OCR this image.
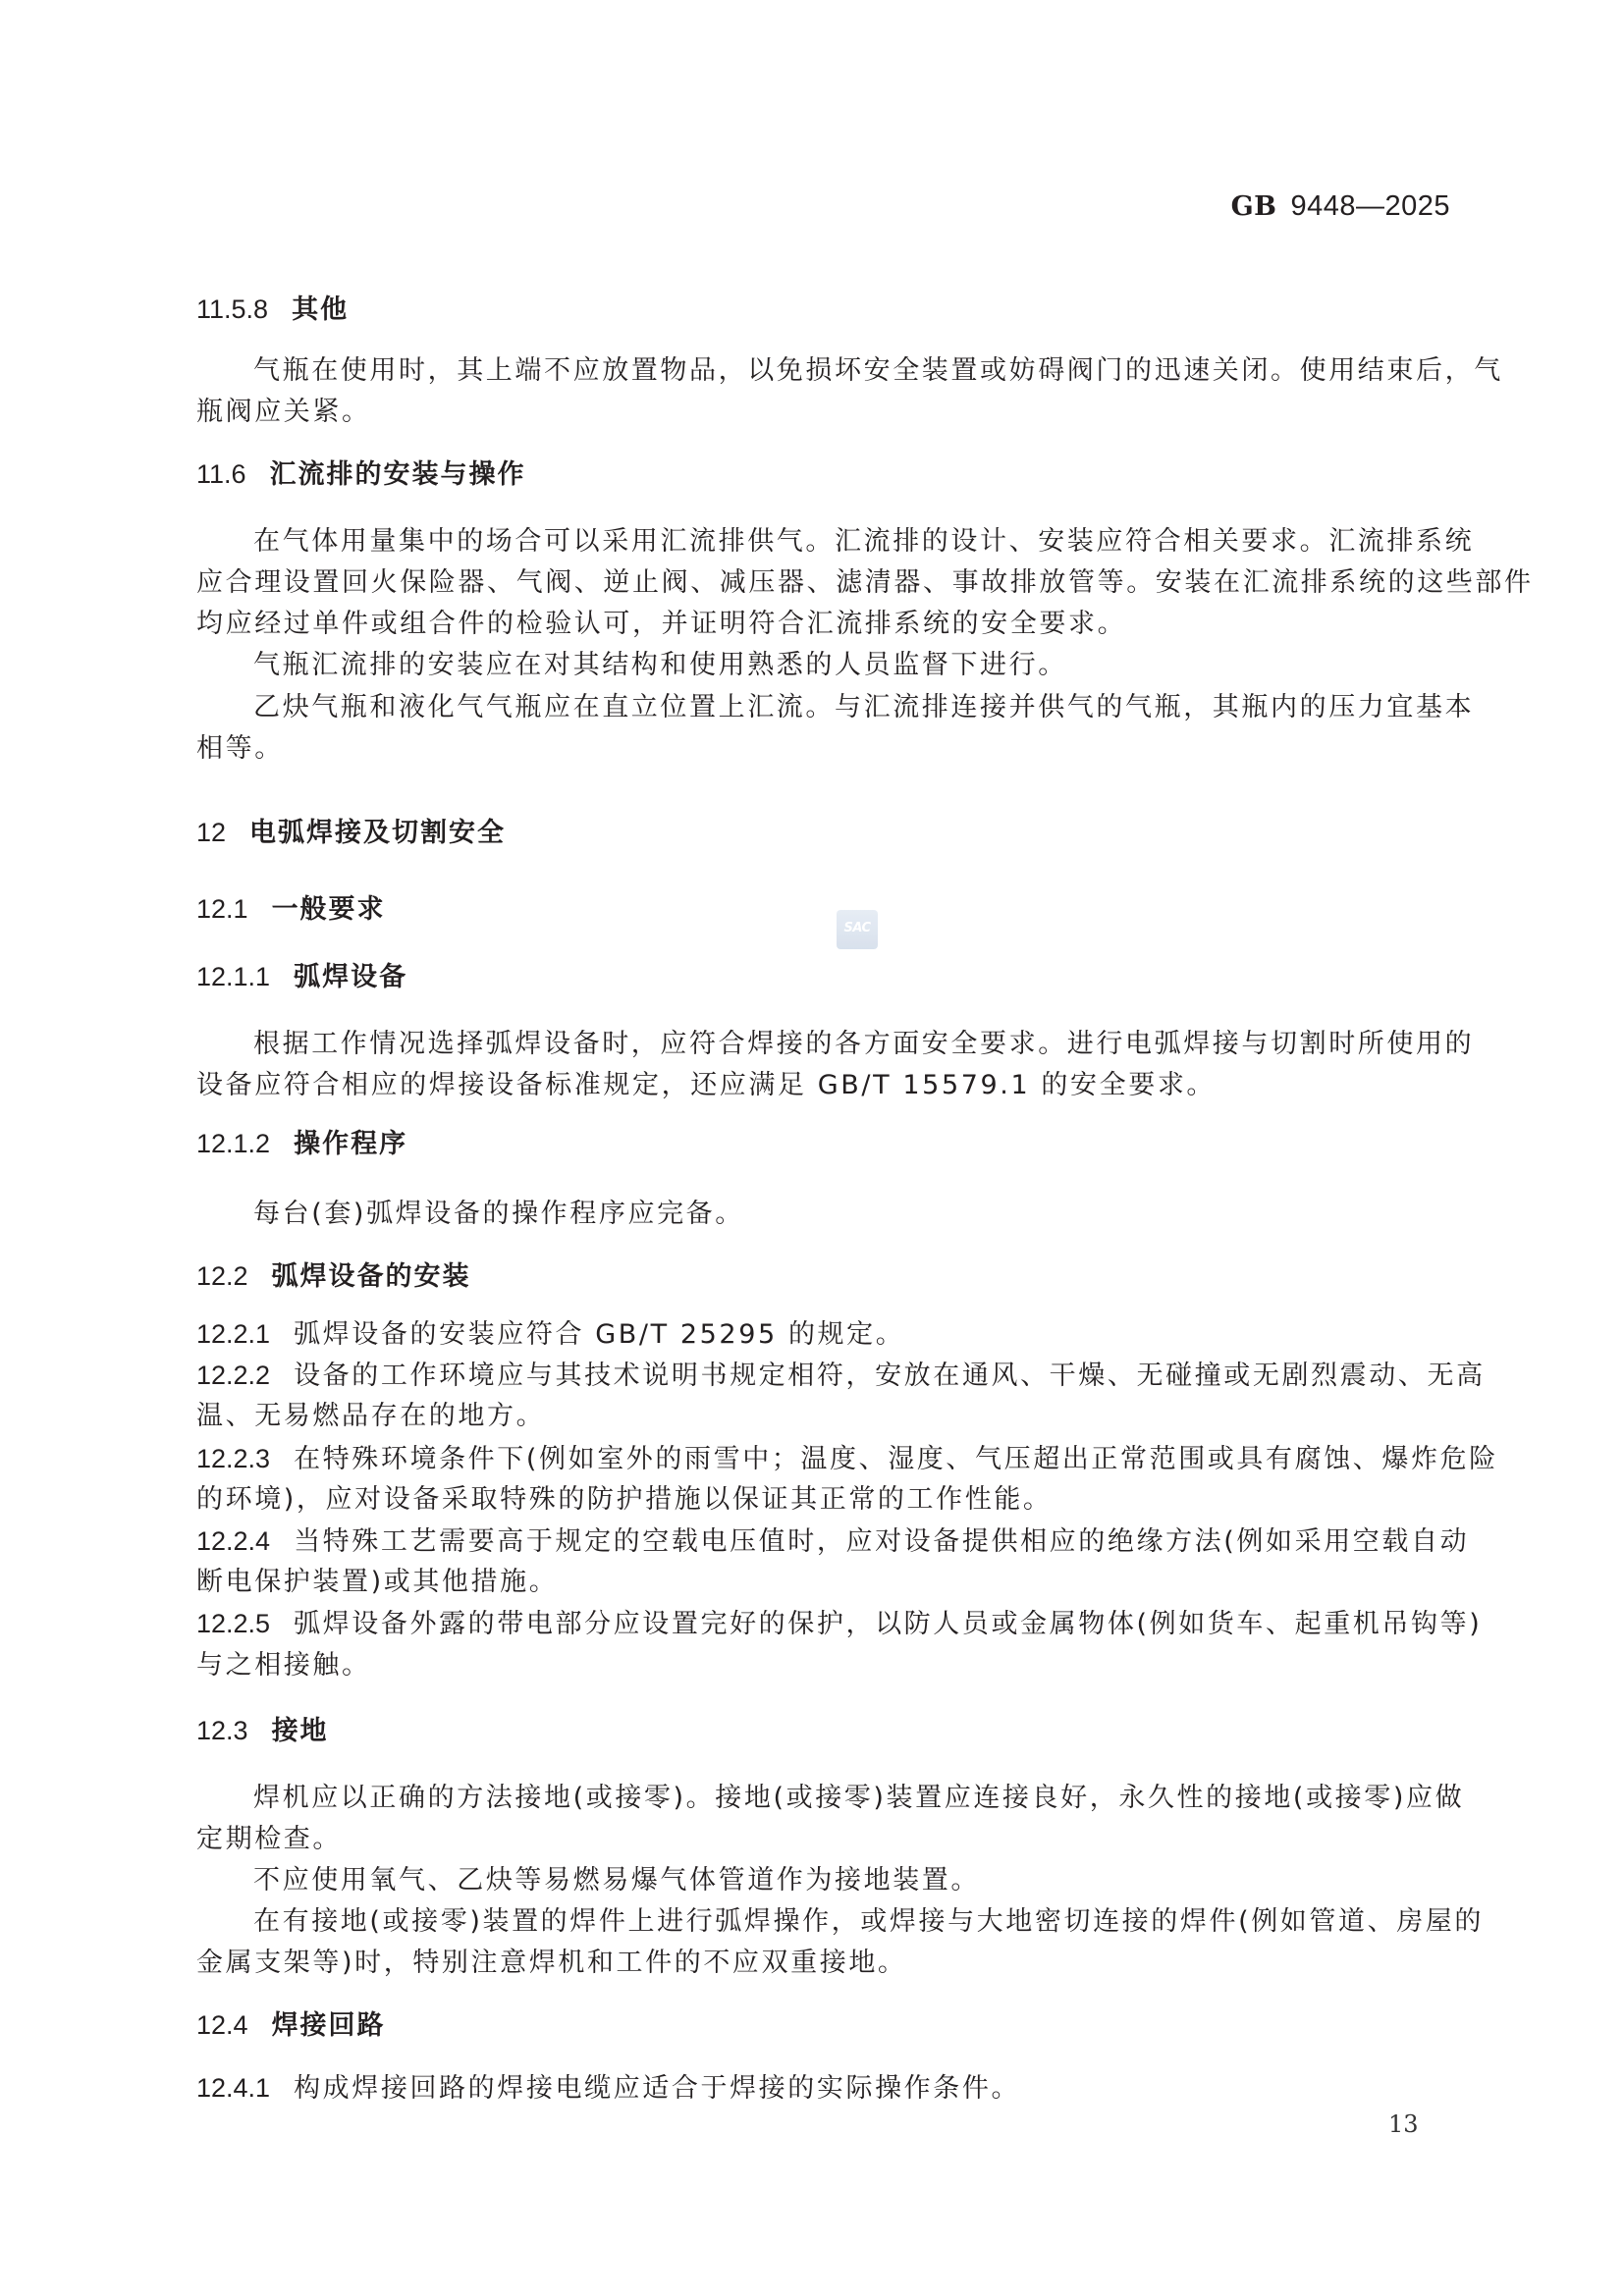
GB 9448—2025
11.5.8 其他
气瓶在使用时，其上端不应放置物品，以免损坏安全装置或妨碍阀门的迅速关闭。使用结束后，气
瓶阀应关紧。
11.6 汇流排的安装与操作
在气体用量集中的场合可以采用汇流排供气。汇流排的设计、安装应符合相关要求。汇流排系统
应合理设置回火保险器、气阀、逆止阀、减压器、滤清器、事故排放管等。安装在汇流排系统的这些部件
均应经过单件或组合件的检验认可，并证明符合汇流排系统的安全要求。
气瓶汇流排的安装应在对其结构和使用熟悉的人员监督下进行。
乙炔气瓶和液化气气瓶应在直立位置上汇流。与汇流排连接并供气的气瓶，其瓶内的压力宜基本
相等。
12 电弧焊接及切割安全
12.1 一般要求
SAC
12.1.1 弧焊设备
根据工作情况选择弧焊设备时，应符合焊接的各方面安全要求。进行电弧焊接与切割时所使用的
设备应符合相应的焊接设备标准规定，还应满足 GB/T 15579.1 的安全要求。
12.1.2 操作程序
每台(套)弧焊设备的操作程序应完备。
12.2 弧焊设备的安装
12.2.1 弧焊设备的安装应符合 GB/T 25295 的规定。
12.2.2 设备的工作环境应与其技术说明书规定相符，安放在通风、干燥、无碰撞或无剧烈震动、无高
温、无易燃品存在的地方。
12.2.3 在特殊环境条件下(例如室外的雨雪中；温度、湿度、气压超出正常范围或具有腐蚀、爆炸危险
的环境)，应对设备采取特殊的防护措施以保证其正常的工作性能。
12.2.4 当特殊工艺需要高于规定的空载电压值时，应对设备提供相应的绝缘方法(例如采用空载自动
断电保护装置)或其他措施。
12.2.5 弧焊设备外露的带电部分应设置完好的保护，以防人员或金属物体(例如货车、起重机吊钩等)
与之相接触。
12.3 接地
焊机应以正确的方法接地(或接零)。接地(或接零)装置应连接良好，永久性的接地(或接零)应做
定期检查。
不应使用氧气、乙炔等易燃易爆气体管道作为接地装置。
在有接地(或接零)装置的焊件上进行弧焊操作，或焊接与大地密切连接的焊件(例如管道、房屋的
金属支架等)时，特别注意焊机和工件的不应双重接地。
12.4 焊接回路
12.4.1 构成焊接回路的焊接电缆应适合于焊接的实际操作条件。
13
